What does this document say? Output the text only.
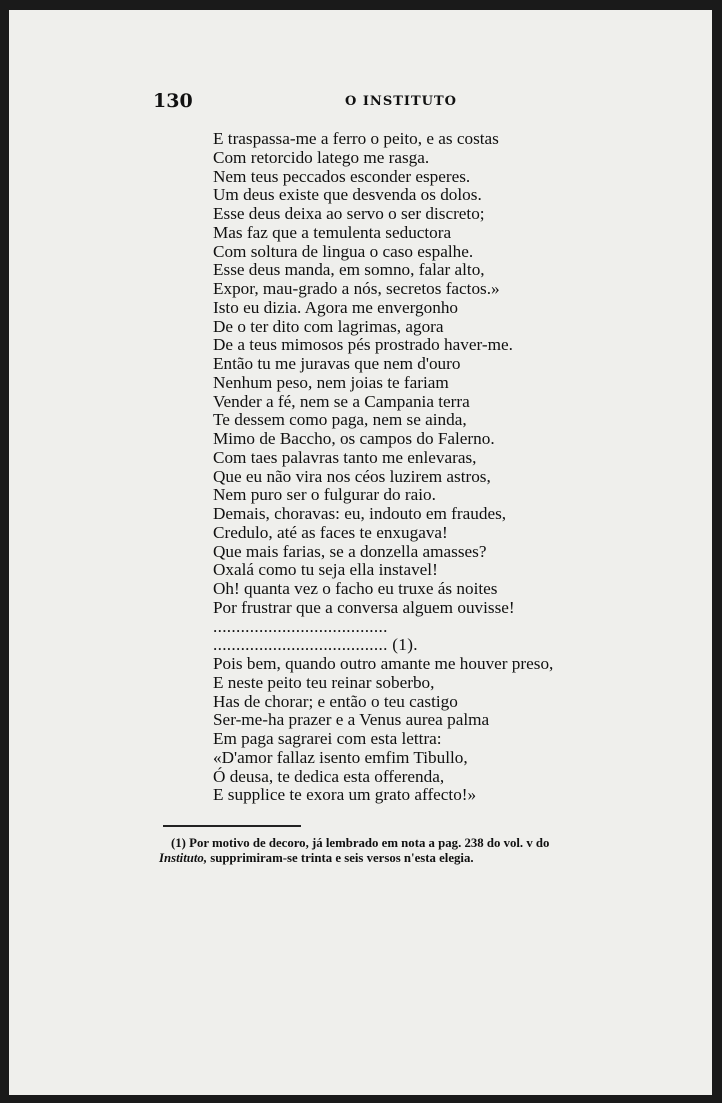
130	O INSTITUTO
E traspassa-me a ferro o peito, e as costas
Com retorcido latego me rasga.
Nem teus peccados esconder esperes.
Um deus existe que desvenda os dolos.
Esse deus deixa ao servo o ser discreto;
Mas faz que a temulenta seductora
Com soltura de lingua o caso espalhe.
Esse deus manda, em somno, falar alto,
Expor, mau-grado a nós, secretos factos.»
Isto eu dizia. Agora me envergonho
De o ter dito com lagrimas, agora
De a teus mimosos pés prostrado haver-me.
Então tu me juravas que nem d'ouro
Nenhum peso, nem joias te fariam
Vender a fé, nem se a Campania terra
Te dessem como paga, nem se ainda,
Mimo de Baccho, os campos do Falerno.
Com taes palavras tanto me enlevaras,
Que eu não vira nos céos luzirem astros,
Nem puro ser o fulgurar do raio.
Demais, choravas: eu, indouto em fraudes,
Credulo, até as faces te enxugava!
Que mais farias, se a donzella amasses?
Oxalá como tu seja ella instavel!
Oh! quanta vez o facho eu truxe ás noites
Por frustrar que a conversa alguem ouvisse!
......................................
...................................... (1).
Pois bem, quando outro amante me houver preso,
E neste peito teu reinar soberbo,
Has de chorar; e então o teu castigo
Ser-me-ha prazer e a Venus aurea palma
Em paga sagrarei com esta lettra:
«D'amor fallaz isento emfim Tibullo,
Ó deusa, te dedica esta offerenda,
E supplice te exora um grato affecto!»
(1) Por motivo de decoro, já lembrado em nota a pag. 238 do vol. v do
Instituto, supprimiram-se trinta e seis versos n'esta elegia.
